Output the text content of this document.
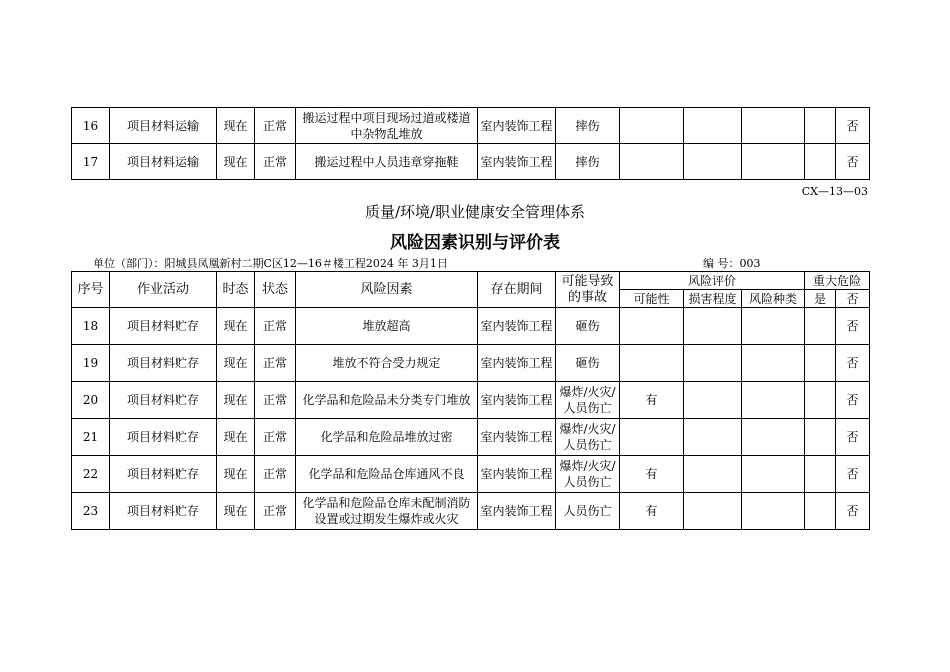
16	项目材料运输	现在	正常	搬运过程中项目现场过道或楼道中杂物乱堆放	室内装饰工程	摔伤					否
17	项目材料运输	现在	正常	搬运过程中人员违章穿拖鞋	室内装饰工程	摔伤					否
CX—13—03
质量/环境/职业健康安全管理体系
风险因素识别与评价表
单位（部门）：阳城县凤凰新村二期C区12—16＃楼工程2024 年 3月1日	编 号：003
序号	作业活动	时态	状态	风险因素	存在期间	可能导致的事故	风险评价			重大危险	
							可能性	损害程度	风险种类	是	否
18	项目材料贮存	现在	正常	堆放超高	室内装饰工程	砸伤					否
19	项目材料贮存	现在	正常	堆放不符合受力规定	室内装饰工程	砸伤					否
20	项目材料贮存	现在	正常	化学品和危险品未分类专门堆放	室内装饰工程	爆炸/火灾/人员伤亡	有				否
21	项目材料贮存	现在	正常	化学品和危险品堆放过密	室内装饰工程	爆炸/火灾/人员伤亡					否
22	项目材料贮存	现在	正常	化学品和危险品仓库通风不良	室内装饰工程	爆炸/火灾/人员伤亡	有				否
23	项目材料贮存	现在	正常	化学品和危险品仓库未配制消防设置或过期发生爆炸或火灾	室内装饰工程	人员伤亡	有				否
